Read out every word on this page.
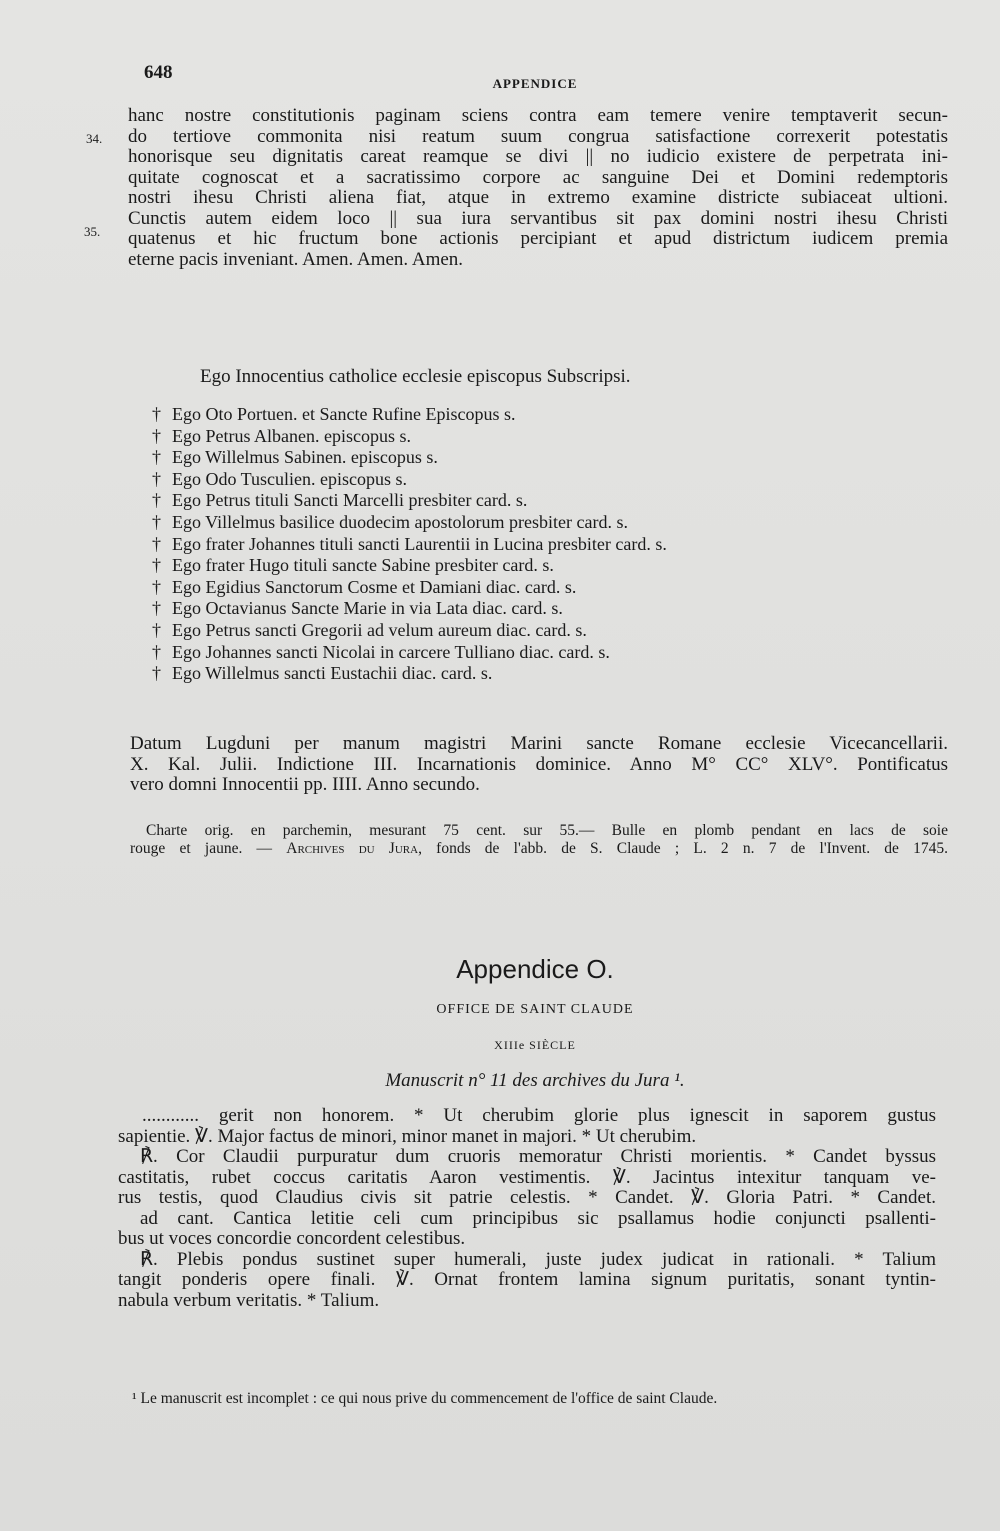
648
APPENDICE
hanc nostre constitutionis paginam sciens contra eam temere venire temptaverit secun-
do tertiove commonita nisi reatum suum congrua satisfactione correxerit potestatis
34.
honorisque seu dignitatis careat reamque se divi || no iudicio existere de perpetrata ini-
quitate cognoscat et a sacratissimo corpore ac sanguine Dei et Domini redemptoris
nostri ihesu Christi aliena fiat, atque in extremo examine districte subiaceat ultioni.
Cunctis autem eidem loco || sua iura servantibus sit pax domini nostri ihesu Christi
quatenus et hic fructum bone actionis percipiant et apud districtum iudicem premia
eterne pacis inveniant. Amen. Amen. Amen.
35.
Ego Innocentius catholice ecclesie episcopus Subscripsi.
† Ego Oto Portuen. et Sancte Rufine Episcopus s.
† Ego Petrus Albanen. episcopus s.
† Ego Willelmus Sabinen. episcopus s.
† Ego Odo Tusculien. episcopus s.
† Ego Petrus tituli Sancti Marcelli presbiter card. s.
† Ego Villelmus basilice duodecim apostolorum presbiter card. s.
† Ego frater Johannes tituli sancti Laurentii in Lucina presbiter card. s.
† Ego frater Hugo tituli sancte Sabine presbiter card. s.
† Ego Egidius Sanctorum Cosme et Damiani diac. card. s.
† Ego Octavianus Sancte Marie in via Lata diac. card. s.
† Ego Petrus sancti Gregorii ad velum aureum diac. card. s.
† Ego Johannes sancti Nicolai in carcere Tulliano diac. card. s.
† Ego Willelmus sancti Eustachii diac. card. s.
Datum Lugduni per manum magistri Marini sancte Romane ecclesie Vicecancellarii.
X. Kal. Julii. Indictione III. Incarnationis dominice. Anno M° CC° XLV°. Pontificatus
vero domni Innocentii pp. IIII. Anno secundo.
Charte orig. en parchemin, mesurant 75 cent. sur 55.— Bulle en plomb pendant en lacs de soie
rouge et jaune. — Archives du Jura, fonds de l'abb. de S. Claude ; L. 2 n. 7 de l'Invent. de 1745.
Appendice O.
OFFICE DE SAINT CLAUDE
XIIIe SIÈCLE
Manuscrit n° 11 des archives du Jura ¹.
............ gerit non honorem. * Ut cherubim glorie plus ignescit in saporem gustus
sapientie. ℣. Major factus de minori, minor manet in majori. * Ut cherubim.
℟. Cor Claudii purpuratur dum cruoris memoratur Christi morientis. * Candet byssus
castitatis, rubet coccus caritatis Aaron vestimentis. ℣. Jacintus intexitur tanquam ve-
rus testis, quod Claudius civis sit patrie celestis. * Candet. ℣. Gloria Patri. * Candet.
ad cant. Cantica letitie celi cum principibus sic psallamus hodie conjuncti psallenti-
bus ut voces concordie concordent celestibus.
℟. Plebis pondus sustinet super humerali, juste judex judicat in rationali. * Talium
tangit ponderis opere finali. ℣. Ornat frontem lamina signum puritatis, sonant tyntin-
nabula verbum veritatis. * Talium.
¹ Le manuscrit est incomplet : ce qui nous prive du commencement de l'office de saint Claude.
